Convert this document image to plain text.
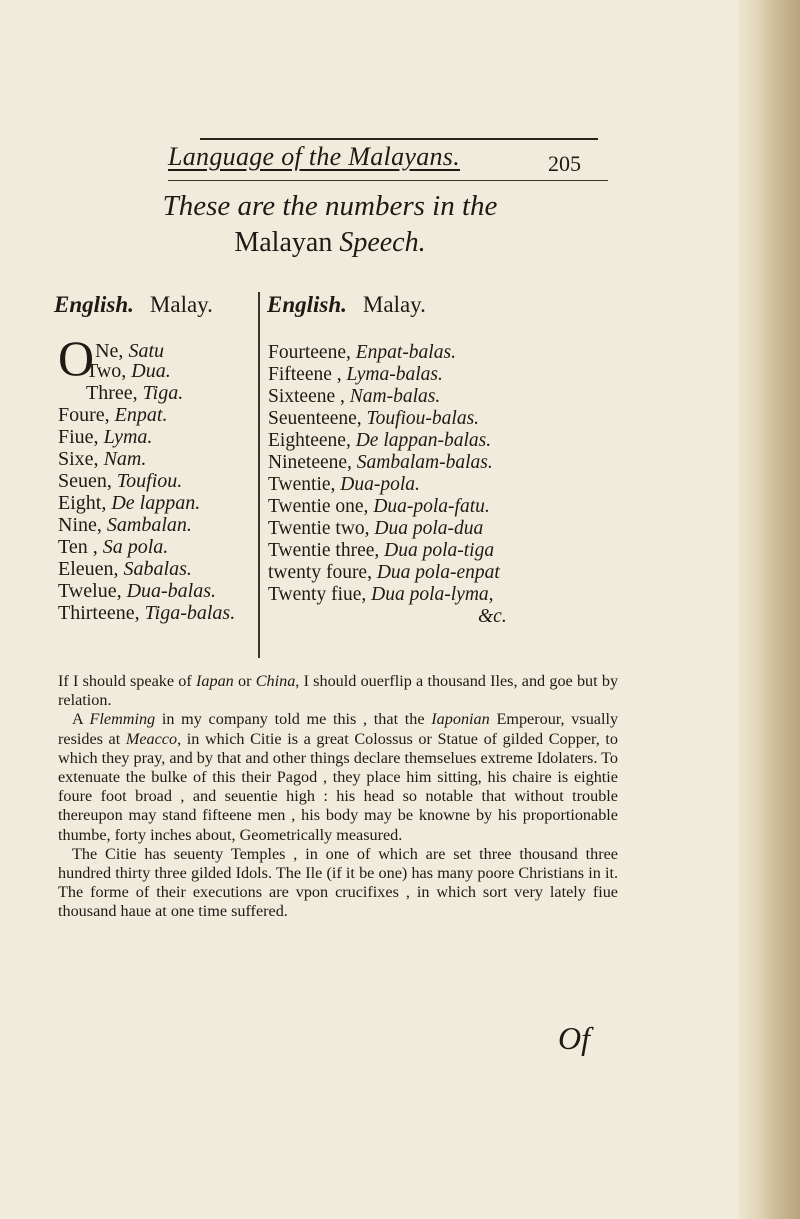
Language of the Malayans.	205
These are the numbers in the
Malayan Speech.
English. Malay. English. Malay.
ONe, Satu
Two, Dua.
Three, Tiga.
Foure, Enpat.
Fiue, Lyma.
Sixe, Nam.
Seuen, Toufiou.
Eight, De lappan.
Nine, Sambalan.
Ten , Sa pola.
Eleuen, Sabalas.
Twelue, Dua-balas.
Thirteene, Tiga-balas.
Fourteene, Enpat-balas.
Fifteene , Lyma-balas.
Sixteene , Nam-balas.
Seuenteene, Toufiou-balas.
Eighteene, De lappan-balas.
Nineteene, Sambalam-balas.
Twentie, Dua-pola.
Twentie one, Dua-pola-fatu.
Twentie two, Dua pola-dua
Twentie three, Dua pola-tiga
twenty foure, Dua pola-enpat
Twenty fiue, Dua pola-lyma,
&c.

If I should speake of Iapan or China, I should ouerflip a thousand Iles, and goe but by relation.

A Flemming in my company told me this , that the Iaponian Emperour, vsually resides at Meacco, in which Citie is a great Colossus or Statue of gilded Copper, to which they pray, and by that and other things declare themselues extreme Idolaters. To extenuate the bulke of this their Pagod , they place him sitting, his chaire is eightie foure foot broad , and seuentie high : his head so notable that without trouble thereupon may stand fifteene men , his body may be knowne by his proportionable thumbe, forty inches about, Geometrically measured.

The Citie has seuenty Temples , in one of which are set three thousand three hundred thirty three gilded Idols. The Ile (if it be one) has many poore Christians in it. The forme of their executions are vpon crucifixes , in which sort very lately fiue thousand haue at one time suffered.

Of
